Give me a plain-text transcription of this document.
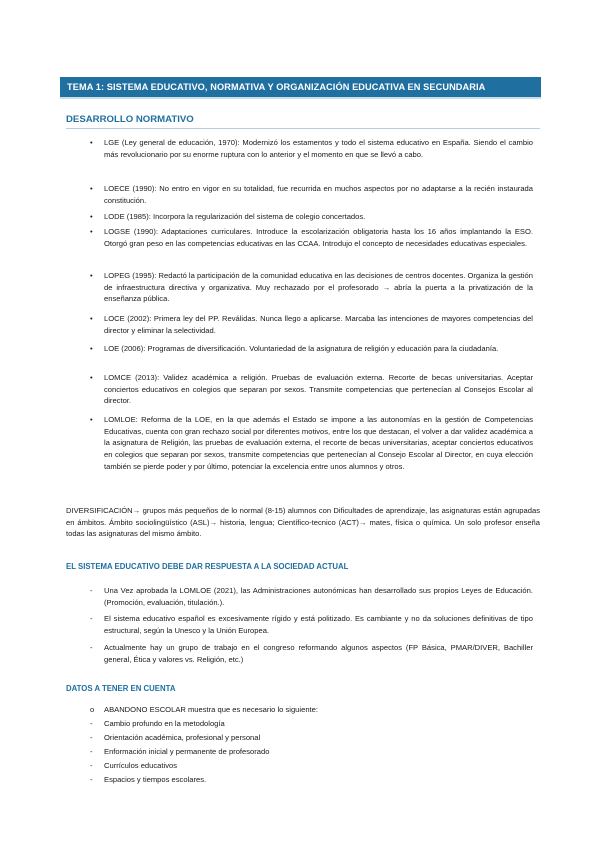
TEMA 1: SISTEMA EDUCATIVO, NORMATIVA Y ORGANIZACIÓN EDUCATIVA EN SECUNDARIA
DESARROLLO NORMATIVO
• LGE (Ley general de educación, 1970): Modernizó los estamentos y todo el sistema educativo en España. Siendo el cambio más revolucionario por su enorme ruptura con lo anterior y el momento en que se llevó a cabo.
• LOECE (1990): No entro en vigor en su totalidad, fue recurrida en muchos aspectos por no adaptarse a la recién instaurada constitución.
• LODE (1985): Incorpora la regularización del sistema de colegio concertados.
• LOGSE (1990): Adaptaciones curriculares. Introduce la escolarización obligatoria hasta los 16 años implantando la ESO. Otorgó gran peso en las competencias educativas en las CCAA. Introdujo el concepto de necesidades educativas especiales.
• LOPEG (1995): Redactó la participación de la comunidad educativa en las decisiones de centros docentes. Organiza la gestión de infraestructura directiva y organizativa. Muy rechazado por el profesorado → abría la puerta a la privatización de la enseñanza pública.
• LOCE (2002): Primera ley del PP. Reválidas. Nunca llego a aplicarse. Marcaba las intenciones de mayores competencias del director y eliminar la selectividad.
• LOE (2006): Programas de diversificación. Voluntariedad de la asignatura de religión y educación para la ciudadanía.
• LOMCE (2013): Validez académica a religión. Pruebas de evaluación externa. Recorte de becas universitarias. Aceptar conciertos educativos en colegios que separan por sexos. Transmite competencias que pertenecían al Consejos Escolar al director.
• LOMLOE: Reforma de la LOE, en la que además el Estado se impone a las autonomías en la gestión de Competencias Educativas, cuenta con gran rechazo social por diferentes motivos, entre los que destacan, el volver a dar validez académica a la asignatura de Religión, las pruebas de evaluación externa, el recorte de becas universitarias, aceptar conciertos educativos en colegios que separan por sexos, transmite competencias que pertenecían al Consejo Escolar al Director, en cuya elección también se pierde poder y por último, potenciar la excelencia entre unos alumnos y otros.
DIVERSIFICACIÓN→ grupos más pequeños de lo normal (8-15) alumnos con Dificultades de aprendizaje, las asignaturas están agrupadas en ámbitos. Ámbito sociolingüístico (ASL)→ historia, lengua; Científico-tecnico (ACT)→ mates, física o química. Un solo profesor enseña todas las asignaturas del mismo ámbito.
EL SISTEMA EDUCATIVO DEBE DAR RESPUESTA A LA SOCIEDAD ACTUAL
- Una Vez aprobada la LOMLOE (2021), las Administraciones autonómicas han desarrollado sus propios Leyes de Educación. (Promoción, evaluación, titulación.).
- El sistema educativo español es excesivamente rígido y está politizado. Es cambiante y no da soluciones definitivas de tipo estructural, según la Unesco y la Unión Europea.
- Actualmente hay un grupo de trabajo en el congreso reformando algunos aspectos (FP Básica, PMAR/DIVER, Bachiller general, Ética y valores vs. Religión, etc.)
DATOS A TENER EN CUENTA
o ABANDONO ESCOLAR muestra que es necesario lo siguiente:
- Cambio profundo en la metodología
- Orientación académica, profesional y personal
- Enformación inicial y permanente de profesorado
- Currículos educativos
- Espacios y tiempos escolares.
